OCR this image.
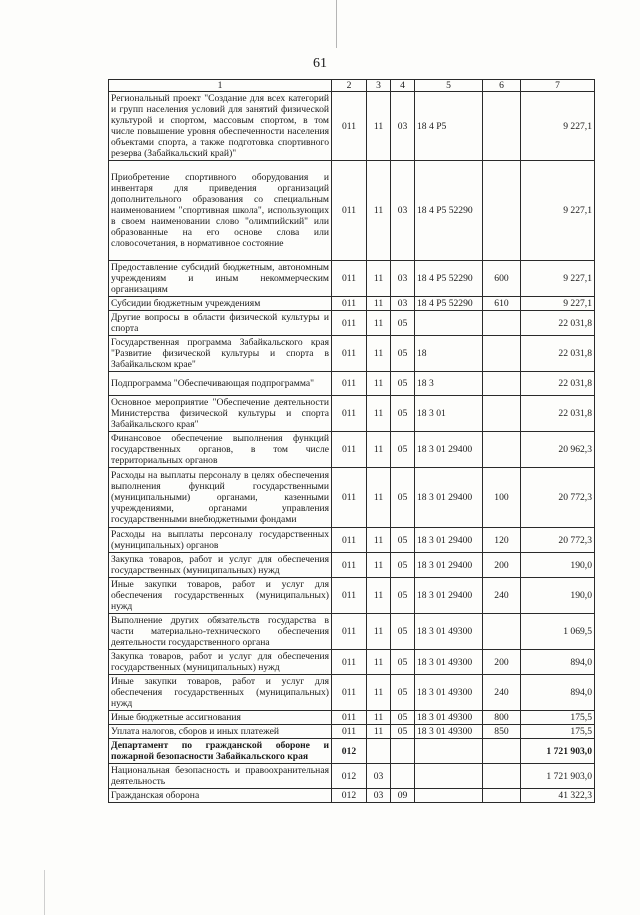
61
1	2	3	4	5	6	7
Региональный проект "Создание для всех категорий и групп населения условий для занятий физической культурой и спортом, массовым спортом, в том числе повышение уровня обеспеченности населения объектами спорта, а также подготовка спортивного резерва (Забайкальский край)"	011	11	03	18 4 P5		9 227,1
Приобретение спортивного оборудования и инвентаря для приведения организаций дополнительного образования со специальным наименованием "спортивная школа", использующих в своем наименовании слово "олимпийский" или образованные на его основе слова или словосочетания, в нормативное состояние	011	11	03	18 4 P5 52290		9 227,1
Предоставление субсидий бюджетным, автономным учреждениям и иным некоммерческим организациям	011	11	03	18 4 P5 52290	600	9 227,1
Субсидии бюджетным учреждениям	011	11	03	18 4 P5 52290	610	9 227,1
Другие вопросы в области физической культуры и спорта	011	11	05			22 031,8
Государственная программа Забайкальского края "Развитие физической культуры и спорта в Забайкальском крае"	011	11	05	18		22 031,8
Подпрограмма "Обеспечивающая подпрограмма"	011	11	05	18 3		22 031,8
Основное мероприятие "Обеспечение деятельности Министерства физической культуры и спорта Забайкальского края"	011	11	05	18 3 01		22 031,8
Финансовое обеспечение выполнения функций государственных органов, в том числе территориальных органов	011	11	05	18 3 01 29400		20 962,3
Расходы на выплаты персоналу в целях обеспечения выполнения функций государственными (муниципальными) органами, казенными учреждениями, органами управления государственными внебюджетными фондами	011	11	05	18 3 01 29400	100	20 772,3
Расходы на выплаты персоналу государственных (муниципальных) органов	011	11	05	18 3 01 29400	120	20 772,3
Закупка товаров, работ и услуг для обеспечения государственных (муниципальных) нужд	011	11	05	18 3 01 29400	200	190,0
Иные закупки товаров, работ и услуг для обеспечения государственных (муниципальных) нужд	011	11	05	18 3 01 29400	240	190,0
Выполнение других обязательств государства в части материально-технического обеспечения деятельности государственного органа	011	11	05	18 3 01 49300		1 069,5
Закупка товаров, работ и услуг для обеспечения государственных (муниципальных) нужд	011	11	05	18 3 01 49300	200	894,0
Иные закупки товаров, работ и услуг для обеспечения государственных (муниципальных) нужд	011	11	05	18 3 01 49300	240	894,0
Иные бюджетные ассигнования	011	11	05	18 3 01 49300	800	175,5
Уплата налогов, сборов и иных платежей	011	11	05	18 3 01 49300	850	175,5
Департамент по гражданской обороне и пожарной безопасности Забайкальского края	012					1 721 903,0
Национальная безопасность и правоохранительная деятельность	012	03				1 721 903,0
Гражданская оборона	012	03	09			41 322,3
